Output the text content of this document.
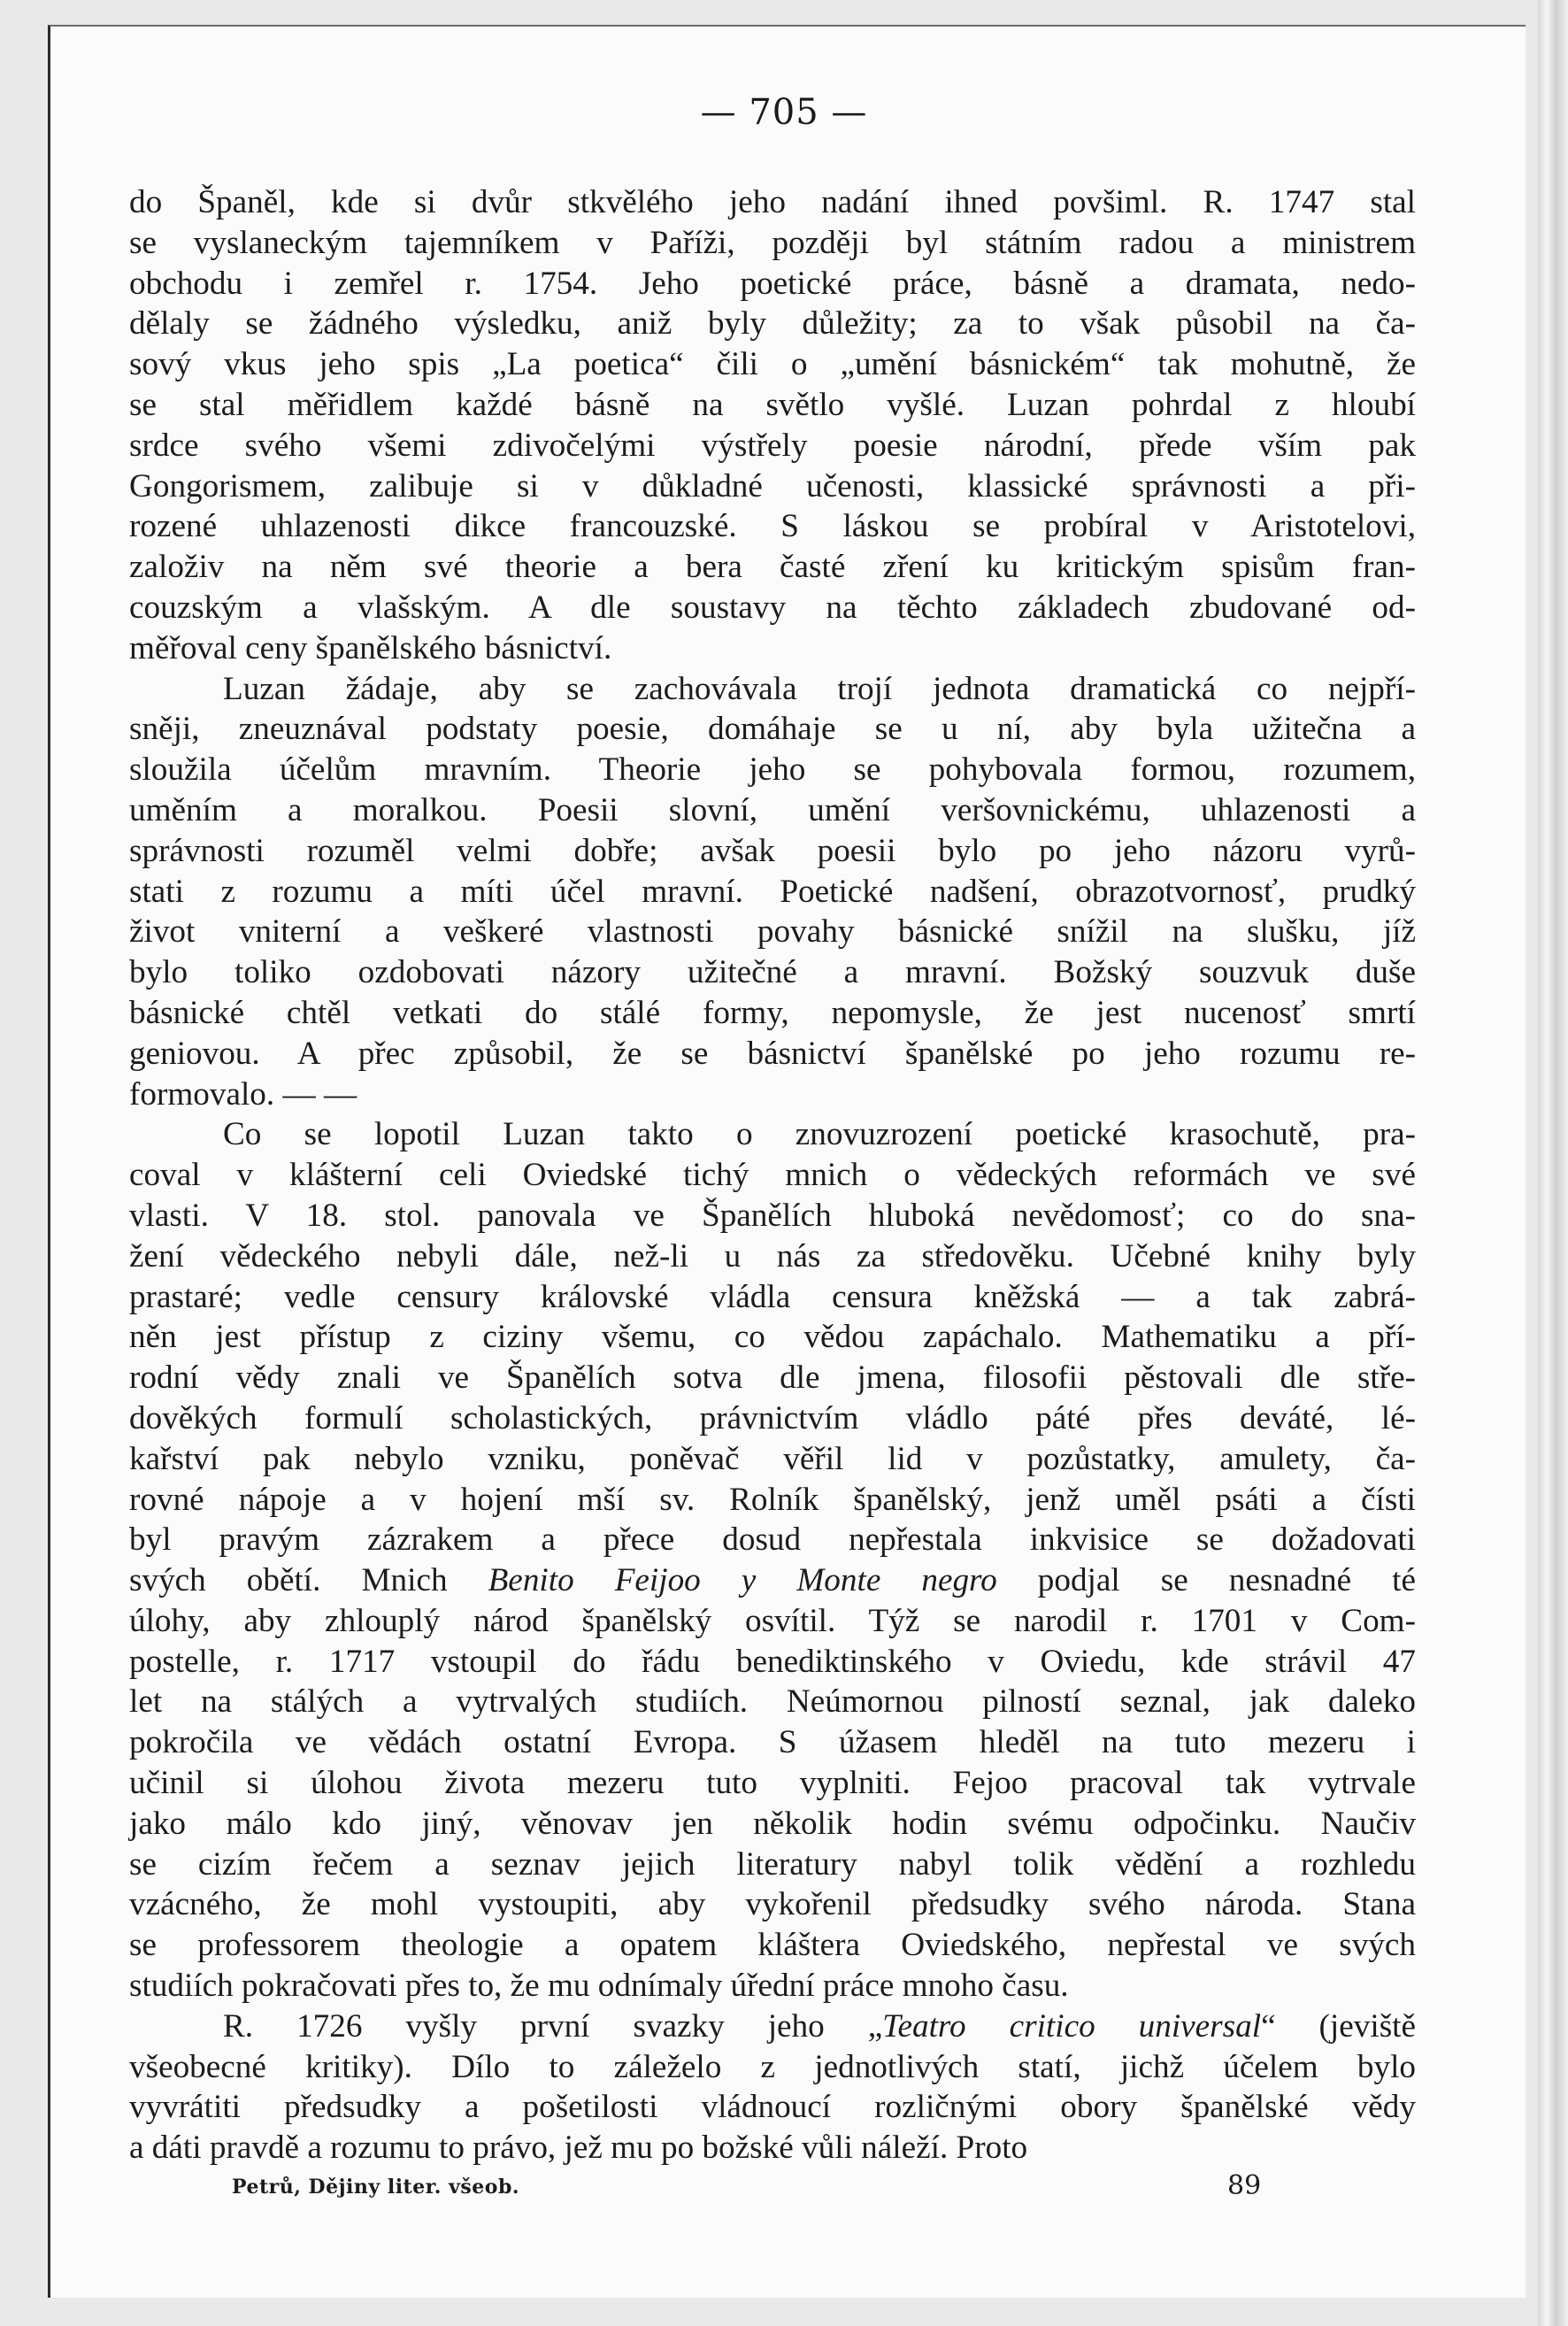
— 705 —
do Španěl, kde si dvůr stkvělého jeho nadání ihned povšiml. R. 1747 stal
se vyslaneckým tajemníkem v Paříži, později byl státním radou a ministrem
obchodu i zemřel r. 1754. Jeho poetické práce, básně a dramata, nedo-
dělaly se žádného výsledku, aniž byly důležity; za to však působil na ča-
sový vkus jeho spis „La poetica“ čili o „umění básnickém“ tak mohutně, že
se stal měřidlem každé básně na světlo vyšlé. Luzan pohrdal z hloubí
srdce svého všemi zdivočelými výstřely poesie národní, přede vším pak
Gongorismem, zalibuje si v důkladné učenosti, klassické správnosti a při-
rozené uhlazenosti dikce francouzské. S láskou se probíral v Aristotelovi,
založiv na něm své theorie a bera časté zření ku kritickým spisům fran-
couzským a vlašským. A dle soustavy na těchto základech zbudované od-
měřoval ceny španělského básnictví.
Luzan žádaje, aby se zachovávala trojí jednota dramatická co nejpří-
sněji, zneuznával podstaty poesie, domáhaje se u ní, aby byla užitečna a
sloužila účelům mravním. Theorie jeho se pohybovala formou, rozumem,
uměním a moralkou. Poesii slovní, umění veršovnickému, uhlazenosti a
správnosti rozuměl velmi dobře; avšak poesii bylo po jeho názoru vyrů-
stati z rozumu a míti účel mravní. Poetické nadšení, obrazotvornosť, prudký
život vniterní a veškeré vlastnosti povahy básnické snížil na slušku, jíž
bylo toliko ozdobovati názory užitečné a mravní. Božský souzvuk duše
básnické chtěl vetkati do stálé formy, nepomysle, že jest nucenosť smrtí
geniovou. A přec způsobil, že se básnictví španělské po jeho rozumu re-
formovalo. — —
Co se lopotil Luzan takto o znovuzrození poetické krasochutě, pra-
coval v klášterní celi Oviedské tichý mnich o vědeckých reformách ve své
vlasti. V 18. stol. panovala ve Španělích hluboká nevědomosť; co do sna-
žení vědeckého nebyli dále, než-li u nás za středověku. Učebné knihy byly
prastaré; vedle censury královské vládla censura kněžská — a tak zabrá-
něn jest přístup z ciziny všemu, co vědou zapáchalo. Mathematiku a pří-
rodní vědy znali ve Španělích sotva dle jmena, filosofii pěstovali dle stře-
dověkých formulí scholastických, právnictvím vládlo páté přes deváté, lé-
kařství pak nebylo vzniku, poněvač věřil lid v pozůstatky, amulety, ča-
rovné nápoje a v hojení mší sv. Rolník španělský, jenž uměl psáti a čísti
byl pravým zázrakem a přece dosud nepřestala inkvisice se dožadovati
svých obětí. Mnich Benito Feijoo y Monte negro podjal se nesnadné té
úlohy, aby zhlouplý národ španělský osvítil. Týž se narodil r. 1701 v Com-
postelle, r. 1717 vstoupil do řádu benediktinského v Oviedu, kde strávil 47
let na stálých a vytrvalých studiích. Neúmornou pilností seznal, jak daleko
pokročila ve vědách ostatní Evropa. S úžasem hleděl na tuto mezeru i
učinil si úlohou života mezeru tuto vyplniti. Fejoo pracoval tak vytrvale
jako málo kdo jiný, věnovav jen několik hodin svému odpočinku. Naučiv
se cizím řečem a seznav jejich literatury nabyl tolik vědění a rozhledu
vzácného, že mohl vystoupiti, aby vykořenil předsudky svého národa. Stana
se professorem theologie a opatem kláštera Oviedského, nepřestal ve svých
studiích pokračovati přes to, že mu odnímaly úřední práce mnoho času.
R. 1726 vyšly první svazky jeho „Teatro critico universal“ (jeviště
všeobecné kritiky). Dílo to záleželo z jednotlivých statí, jichž účelem bylo
vyvrátiti předsudky a pošetilosti vládnoucí rozličnými obory španělské vědy
a dáti pravdě a rozumu to právo, jež mu po božské vůli náleží. Proto
Petrů, Dějiny liter. všeob.	89
